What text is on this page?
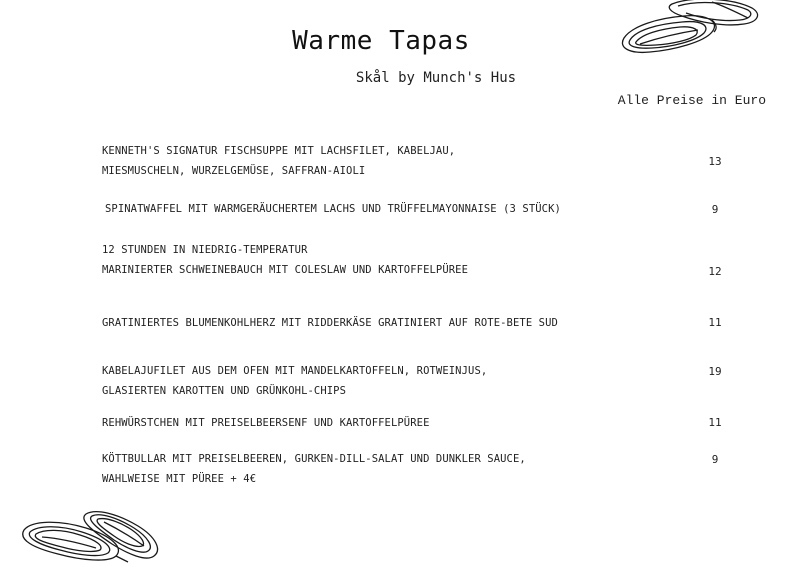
Warme Tapas
Skål by Munch's Hus
Alle Preise in Euro
KENNETH'S SIGNATUR FISCHSUPPE MIT LACHSFILET, KABELJAU,
MIESMUSCHELN, WURZELGEMÜSE, SAFFRAN-AIOLI
13
SPINATWAFFEL MIT WARMGERÄUCHERTEM LACHS UND TRÜFFELMAYONNAISE (3 STÜCK)	9
12 STUNDEN IN NIEDRIG-TEMPERATUR
MARINIERTER SCHWEINEBAUCH MIT COLESLAW UND KARTOFFELPÜREE	12
GRATINIERTES BLUMENKOHLHERZ MIT RIDDERKÄSE GRATINIERT AUF ROTE-BETE SUD	11
KABELAJUFILET AUS DEM OFEN MIT MANDELKARTOFFELN, ROTWEINJUS,
GLASIERTEN KAROTTEN UND GRÜNKOHL-CHIPS
19
REHWÜRSTCHEN MIT PREISELBEERSENF UND KARTOFFELPÜREE	11
KÖTTBULLAR MIT PREISELBEEREN, GURKEN-DILL-SALAT UND DUNKLER SAUCE,
WAHLWEISE MIT PÜREE + 4€
9
